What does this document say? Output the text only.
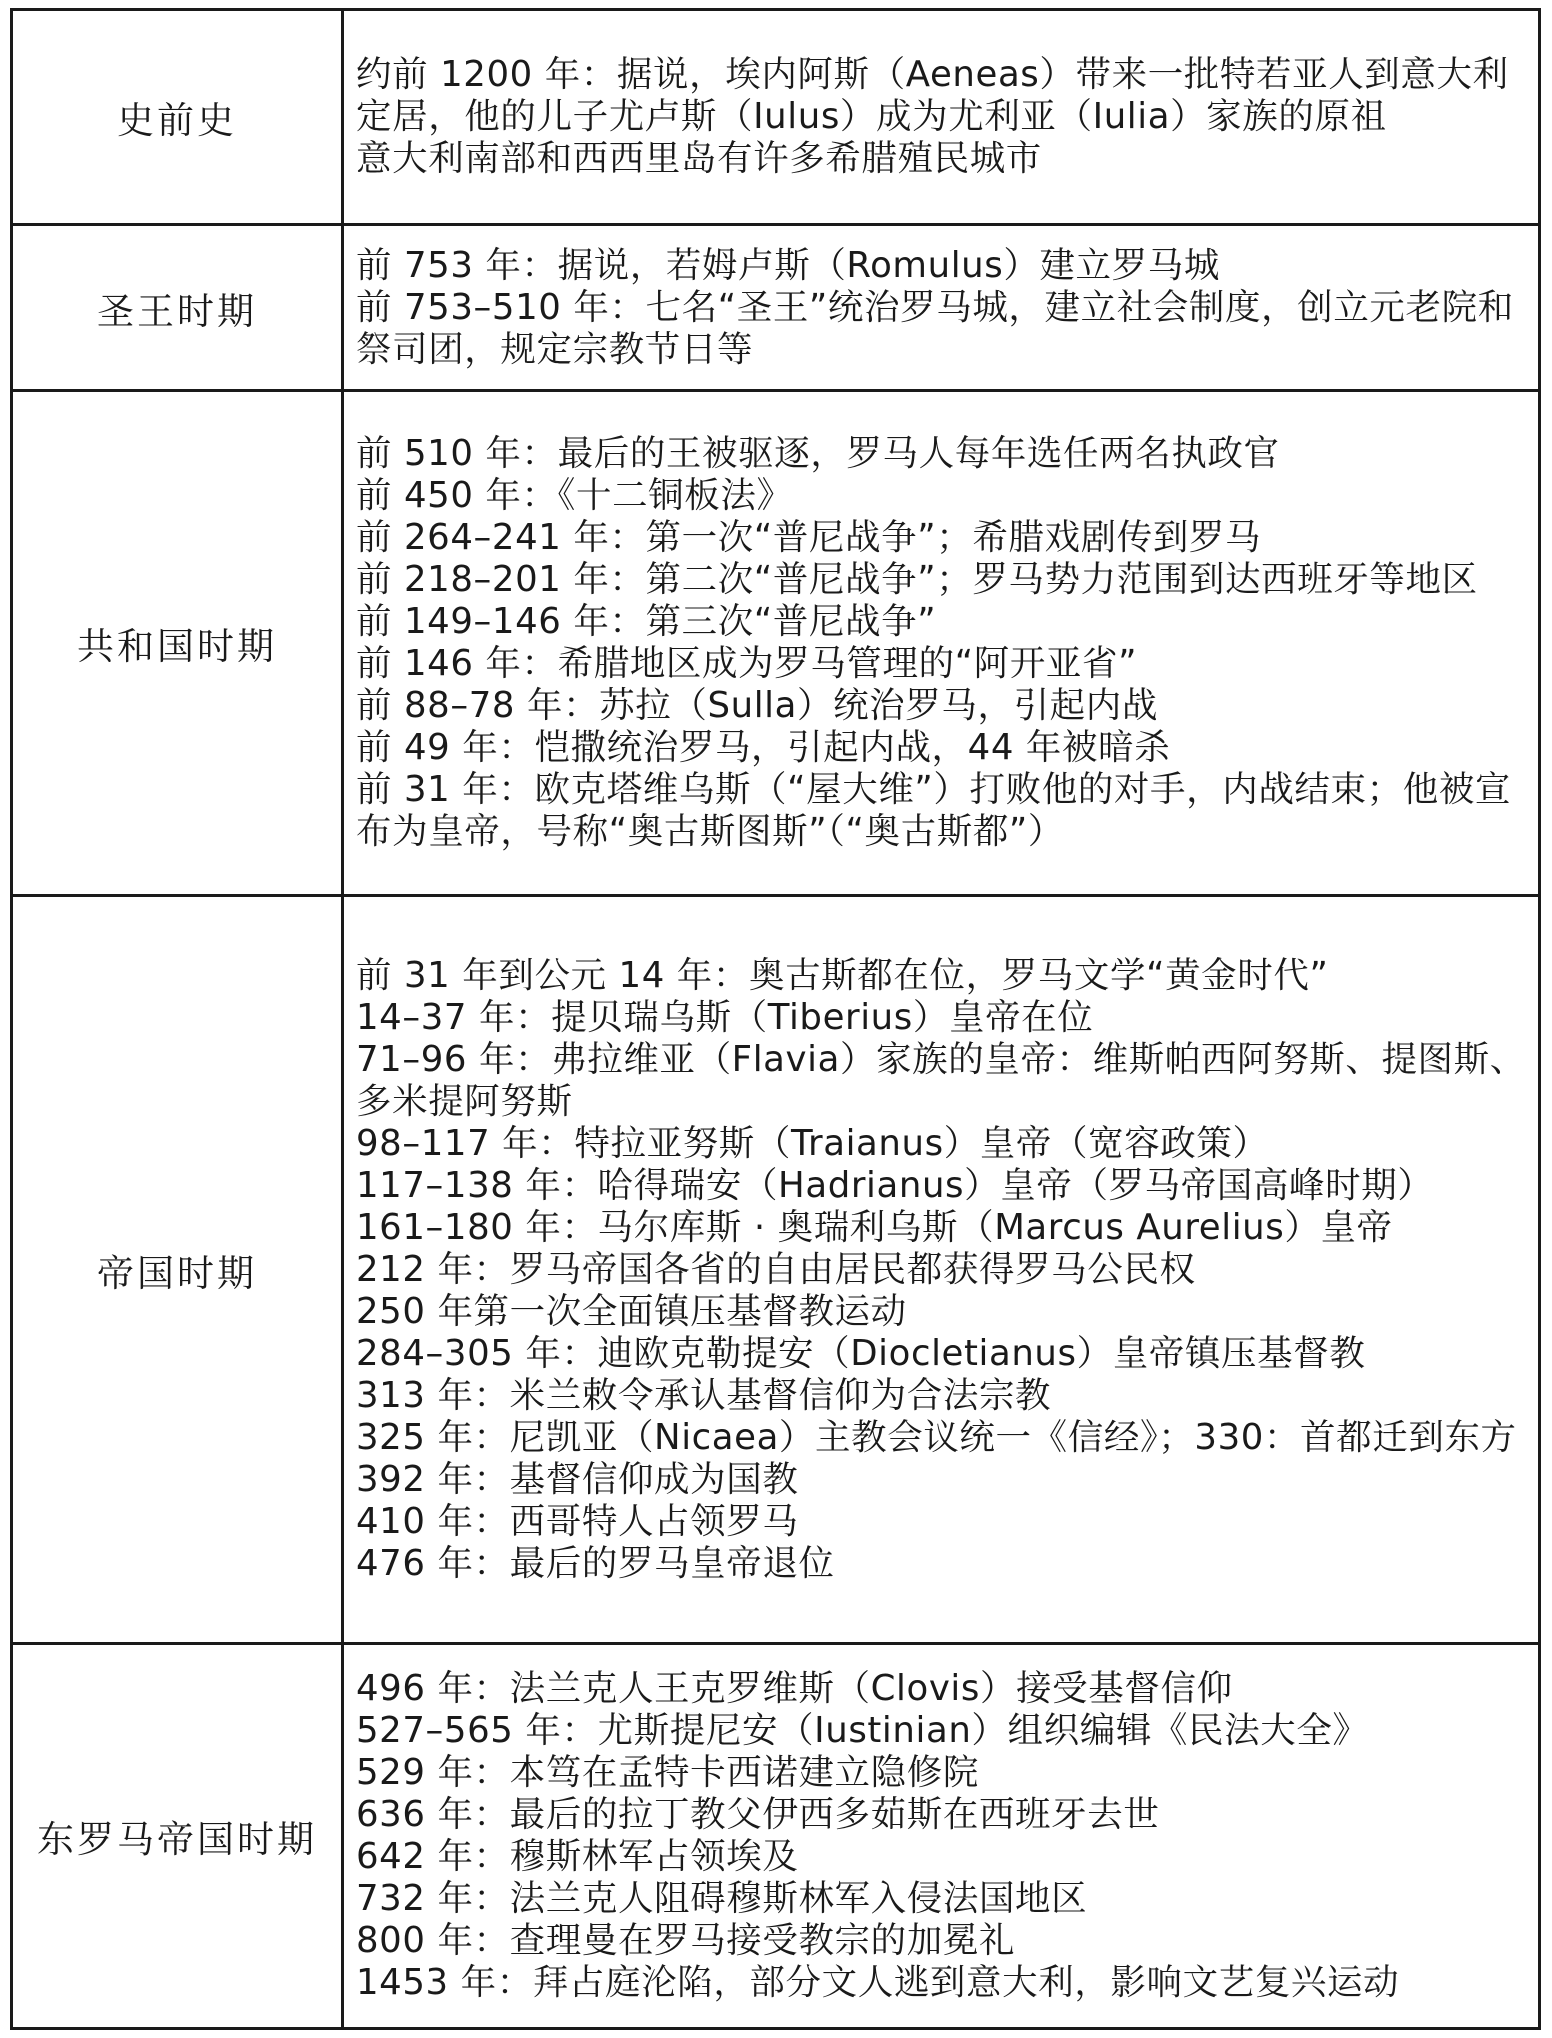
史前史
约前 1200 年：据说，埃内阿斯（Aeneas）带来一批特若亚人到意大利定居，他的儿子尤卢斯（Iulus）成为尤利亚（Iulia）家族的原祖
意大利南部和西西里岛有许多希腊殖民城市
圣王时期
前 753 年：据说，若姆卢斯（Romulus）建立罗马城
前 753–510 年：七名“圣王”统治罗马城，建立社会制度，创立元老院和祭司团，规定宗教节日等
共和国时期
前 510 年：最后的王被驱逐，罗马人每年选任两名执政官
前 450 年：《十二铜板法》
前 264–241 年：第一次“普尼战争”；希腊戏剧传到罗马
前 218–201 年：第二次“普尼战争”；罗马势力范围到达西班牙等地区
前 149–146 年：第三次“普尼战争”
前 146 年：希腊地区成为罗马管理的“阿开亚省”
前 88–78 年：苏拉（Sulla）统治罗马，引起内战
前 49 年：恺撒统治罗马，引起内战，44 年被暗杀
前 31 年：欧克塔维乌斯（“屋大维”）打败他的对手，内战结束；他被宣布为皇帝，号称“奥古斯图斯”（“奥古斯都”）
帝国时期
前 31 年到公元 14 年：奥古斯都在位，罗马文学“黄金时代”
14–37 年：提贝瑞乌斯（Tiberius）皇帝在位
71–96 年：弗拉维亚（Flavia）家族的皇帝：维斯帕西阿努斯、提图斯、多米提阿努斯
98–117 年：特拉亚努斯（Traianus）皇帝（宽容政策）
117–138 年：哈得瑞安（Hadrianus）皇帝（罗马帝国高峰时期）
161–180 年：马尔库斯 · 奥瑞利乌斯（Marcus Aurelius）皇帝
212 年：罗马帝国各省的自由居民都获得罗马公民权
250 年第一次全面镇压基督教运动
284–305 年：迪欧克勒提安（Diocletianus）皇帝镇压基督教
313 年：米兰敕令承认基督信仰为合法宗教
325 年：尼凯亚（Nicaea）主教会议统一《信经》；330：首都迁到东方
392 年：基督信仰成为国教
410 年：西哥特人占领罗马
476 年：最后的罗马皇帝退位
东罗马帝国时期
496 年：法兰克人王克罗维斯（Clovis）接受基督信仰
527–565 年：尤斯提尼安（Iustinian）组织编辑《民法大全》
529 年：本笃在孟特卡西诺建立隐修院
636 年：最后的拉丁教父伊西多茹斯在西班牙去世
642 年：穆斯林军占领埃及
732 年：法兰克人阻碍穆斯林军入侵法国地区
800 年：查理曼在罗马接受教宗的加冕礼
1453 年：拜占庭沦陷，部分文人逃到意大利，影响文艺复兴运动
